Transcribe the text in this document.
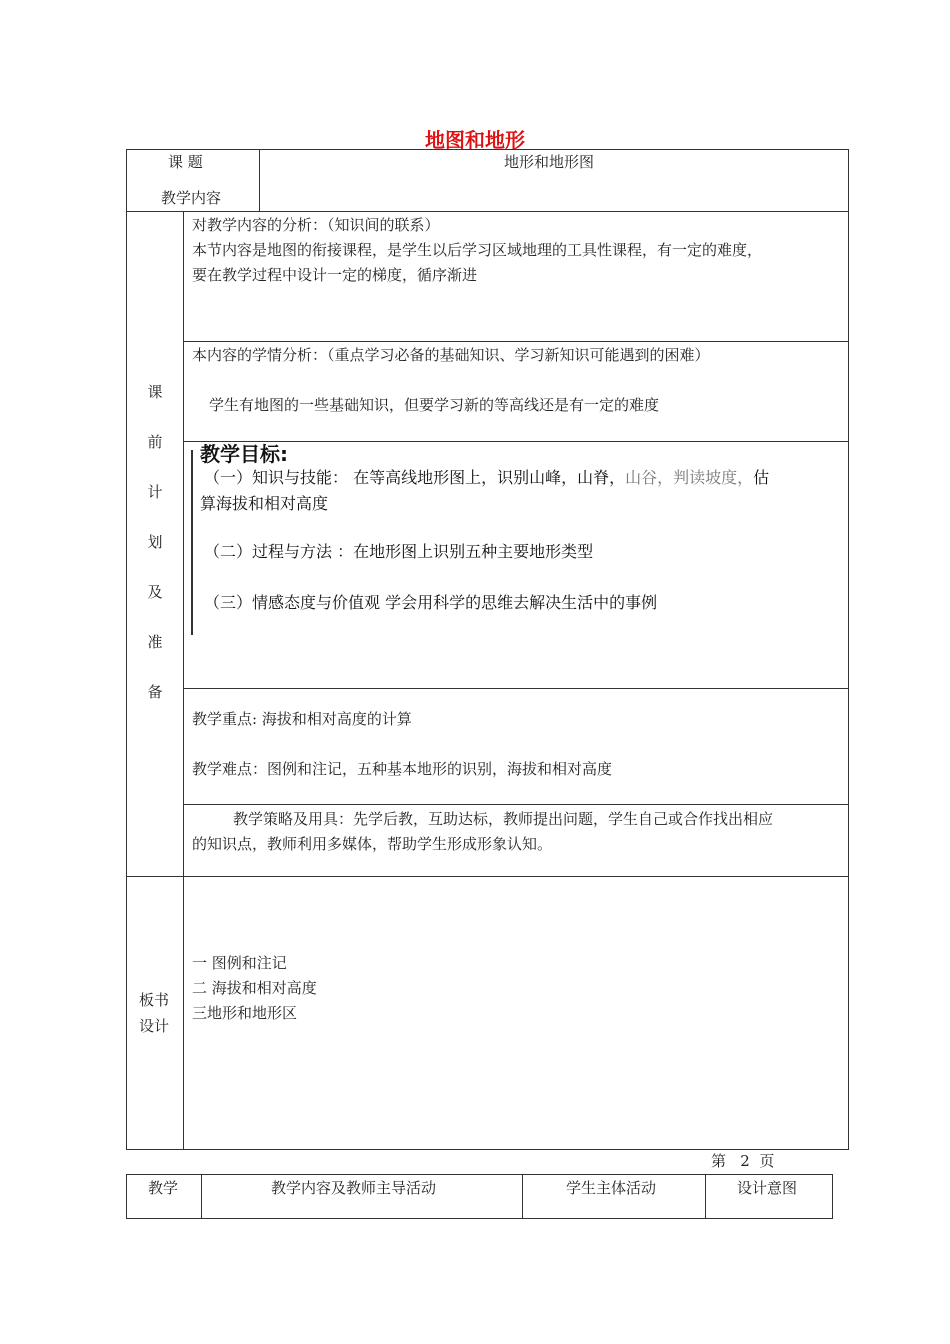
地图和地形
课 题	地形和地形图
教学内容
课
前
计
划
及
准
备
对教学内容的分析：（知识间的联系）
本节内容是地图的衔接课程，是学生以后学习区域地理的工具性课程，有一定的难度，
要在教学过程中设计一定的梯度，循序渐进
本内容的学情分析：（重点学习必备的基础知识、学习新知识可能遇到的困难）
学生有地图的一些基础知识，但要学习新的等高线还是有一定的难度
教学目标:
（一）知识与技能： 在等高线地形图上，识别山峰，山脊，山谷，判读坡度，估
算海拔和相对高度
（二）过程与方法 ：在地形图上识别五种主要地形类型
（三）情感态度与价值观 学会用科学的思维去解决生活中的事例
教学重点: 海拔和相对高度的计算
教学难点：图例和注记，五种基本地形的识别，海拔和相对高度
教学策略及用具：先学后教，互助达标，教师提出问题，学生自己或合作找出相应
的知识点，教师利用多媒体，帮助学生形成形象认知。
板书
设计
一 图例和注记
二 海拔和相对高度
三地形和地形区
第   2  页
教学	教学内容及教师主导活动	学生主体活动	设计意图
